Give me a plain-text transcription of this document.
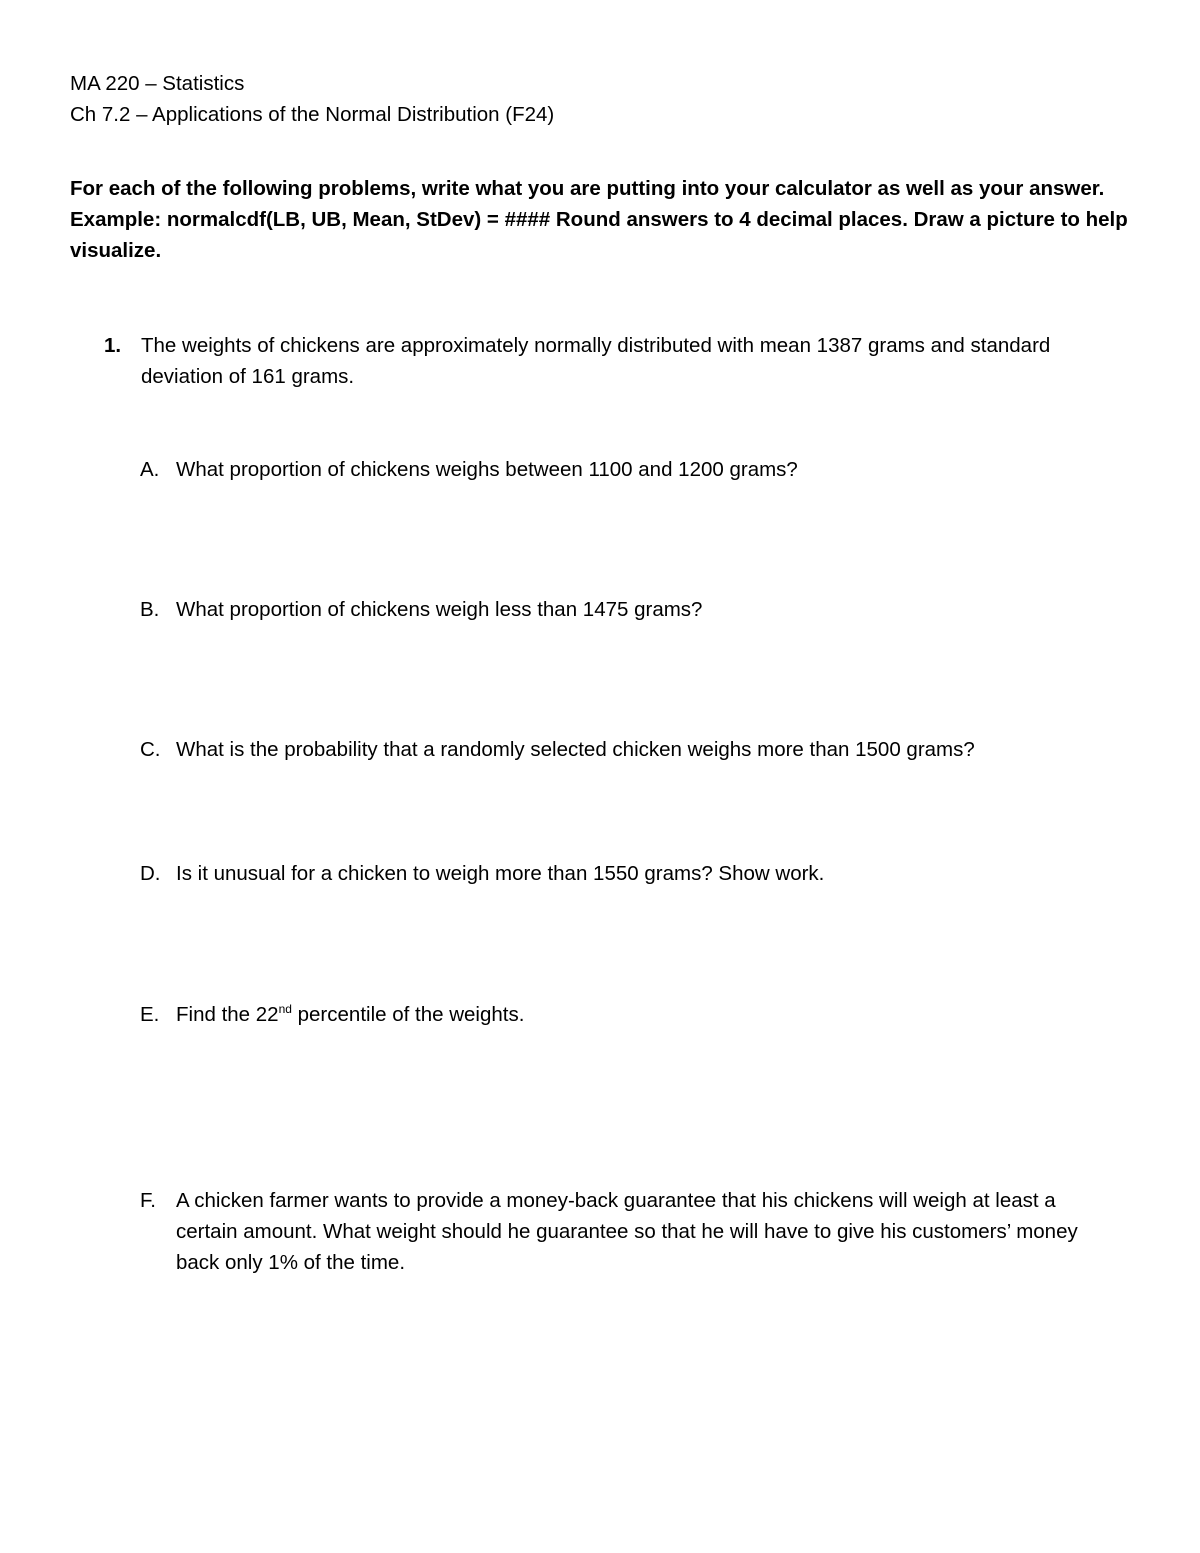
MA 220 – Statistics
Ch 7.2 – Applications of the Normal Distribution (F24)

For each of the following problems, write what you are putting into your calculator as well as your answer.

Example: normalcdf(LB, UB, Mean, StDev) = #### Round answers to 4 decimal places. Draw a picture to help visualize.

1. The weights of chickens are approximately normally distributed with mean 1387 grams and standard deviation of 161 grams.
A. What proportion of chickens weighs between 1100 and 1200 grams?
B. What proportion of chickens weigh less than 1475 grams?
C. What is the probability that a randomly selected chicken weighs more than 1500 grams?
D. Is it unusual for a chicken to weigh more than 1550 grams? Show work.
E. Find the 22nd percentile of the weights.
F. A chicken farmer wants to provide a money-back guarantee that his chickens will weigh at least a certain amount. What weight should he guarantee so that he will have to give his customers’ money back only 1% of the time.
